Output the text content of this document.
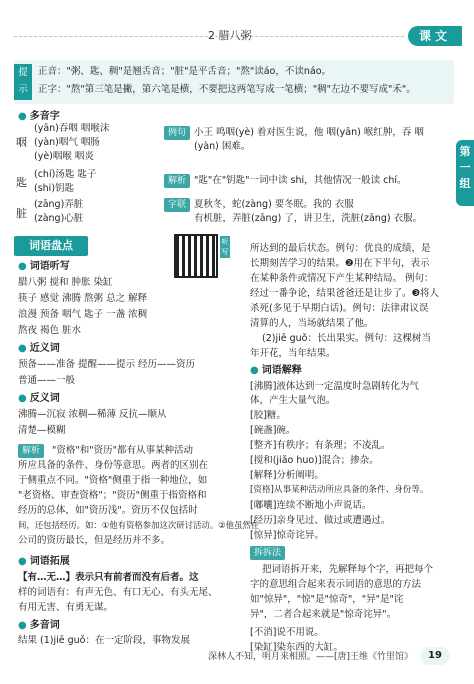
2 腊八粥	课文
提示
正音："粥、匙、稠"是翘舌音；"脏"是平舌音；"熬"读áo，不读náo。
正字："熬"第三笔是撇，第六笔是横，不要把这两笔写成一笔横；"稠"左边不要写成"禾"。
第一组
● 多音字
咽
(yān)吞咽 咽喉沫
(yàn)咽气 咽肠
(yè)咽喉 咽炎
匙
(chí)汤匙 匙子
(shi)钥匙
脏
(zāng)弄脏
(zàng)心脏
例句 小王 鸣咽(yè) 着对医生说，他 咽(yān) 喉红肿，吞 咽(yàn) 困难。
解析 "匙"在"钥匙"一词中读 shi，其他情况一般读 chí。
字联 夏秋冬，蛇(zàng) 要冬眠。我的 衣服
有机脏，弄脏(zāng) 了，讲卫生，洗脏(zāng) 衣服。
词语盘点	听写
● 词语听写
腊八粥 搅和 肿胀 染缸
筷子 感觉 沸腾 熬粥 总之 解释
浪漫 预备 咽气 匙子 一盏 浓稠
熬夜 褐色 脏水
● 近义词
预备——准备 提醒——提示 经历——资历
普通——一般
● 反义词
沸腾—沉寂 浓稠—稀薄 反抗—顺从
清楚—模糊
解析	"资格"和"资历"都有从事某种活动
所应具备的条件、身份等意思。两者的区别在
于侧重点不同。"资格"侧重于指一种地位，如
"老资格、审查资格"；"资历"侧重于指资格和
经历的总体，如"资历浅"。资历不仅包括时
间，还包括经历。如：①他有资格参加这次研讨活动。②他虽然在
公司的资历最长，但是经历并不多。
● 词语拓展
【有…无…】表示只有前者而没有后者。这
样的词语有：有声无色、有口无心、有头无尾、
有用无害、有勇无谋。
● 多音词
结果 (1)jiē guǒ：在一定阶段，事物发展
所达到的最后状态。例句：优良的成绩，是
长期刻苦学习的结果。❷用在下半句，表示
在某种条件或情况下产生某种结局。 例句：
经过一番争论，结果爸爸还是让步了。❸将人
杀死(多见于早期白话)。例句：法律肃议误
清算的人，当场就结果了他。
(2)jiē guǒ：长出果实。例句：这棵树当
年开花，当年结果。
● 词语解释
[沸腾]液体达到一定温度时急剧转化为气
体，产生大量气泡。
[胶]糖。
[碗盏]碗。
[整齐]有秩序；有条理；不凌乱。
[搅和(jiǎo huo)]混合；掺杂。
[解释]分析阐明。
[资格]从事某种活动所应具备的条件、身份等。
[嘟囔]连续不断地小声说话。
[经历]亲身见过、做过或遭遇过。
[惊异]惊奇诧异。
拆拆法
把词语拆开来，先解释每个字，再把每个
字的意思组合起来表示词语的意思的方法
如"惊异"，"惊"是"惊奇"，"异"是"诧
异"，二者合起来就是"惊奇诧异"。
[不消]说不用说。
[染缸]染东西的大缸。
深林人不知，明月来相照。——[唐]王维《竹里馆》	19
